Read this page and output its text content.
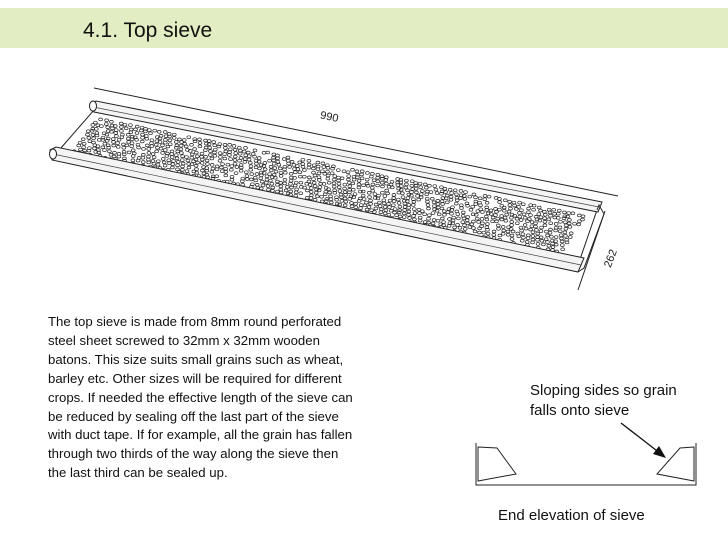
4.1. Top sieve
990
262
The top sieve is made from 8mm round perforated steel sheet screwed to 32mm x 32mm wooden batons. This size suits small grains such as wheat, barley etc. Other sizes will be required for different crops. If needed the effective length of the sieve can be reduced by sealing off the last part of the sieve with duct tape. If for example, all the grain has fallen through two thirds of the way along the sieve then the last third can be sealed up.
Sloping sides so grain falls onto sieve
End elevation of sieve
